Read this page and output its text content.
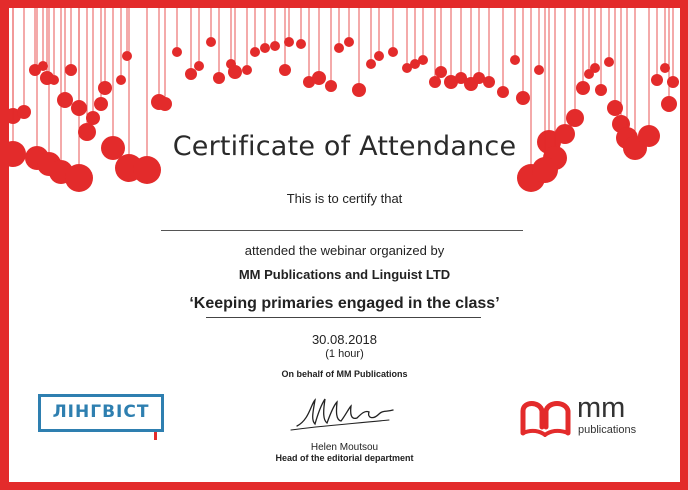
Certificate of Attendance
This is to certify that
attended the webinar organized by
MM Publications and Linguist LTD
‘Keeping primaries engaged in the class’
30.08.2018
(1 hour)
On behalf of MM Publications
Helen Moutsou
Head of the editorial department
ЛІНГВІСТ	mm
publications
